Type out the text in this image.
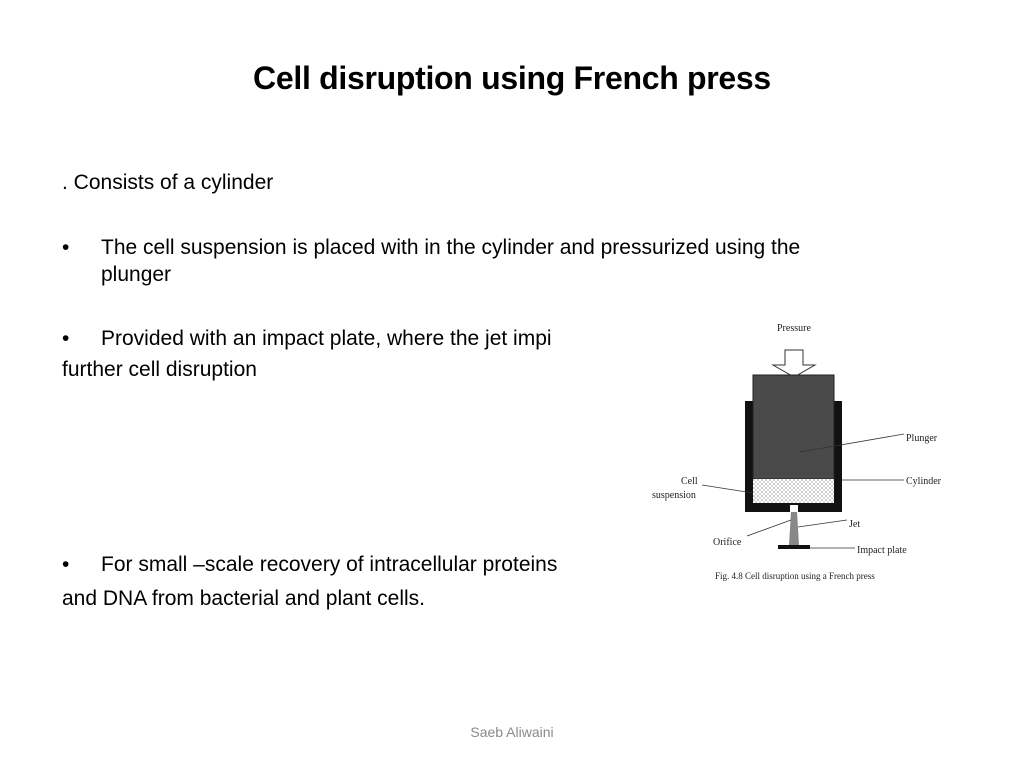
Cell disruption using French press
. Consists of a cylinder
• The cell suspension is placed with in the cylinder and pressurized using the
plunger
• Provided with an impact plate, where the jet impi
further cell disruption
• For small –scale recovery of intracellular proteins
and DNA from bacterial and plant cells.
Pressure
Plunger
Cylinder
Cell
suspension
Jet
Orifice
Impact plate
Fig. 4.8 Cell disruption using a French press
Saeb Aliwaini
